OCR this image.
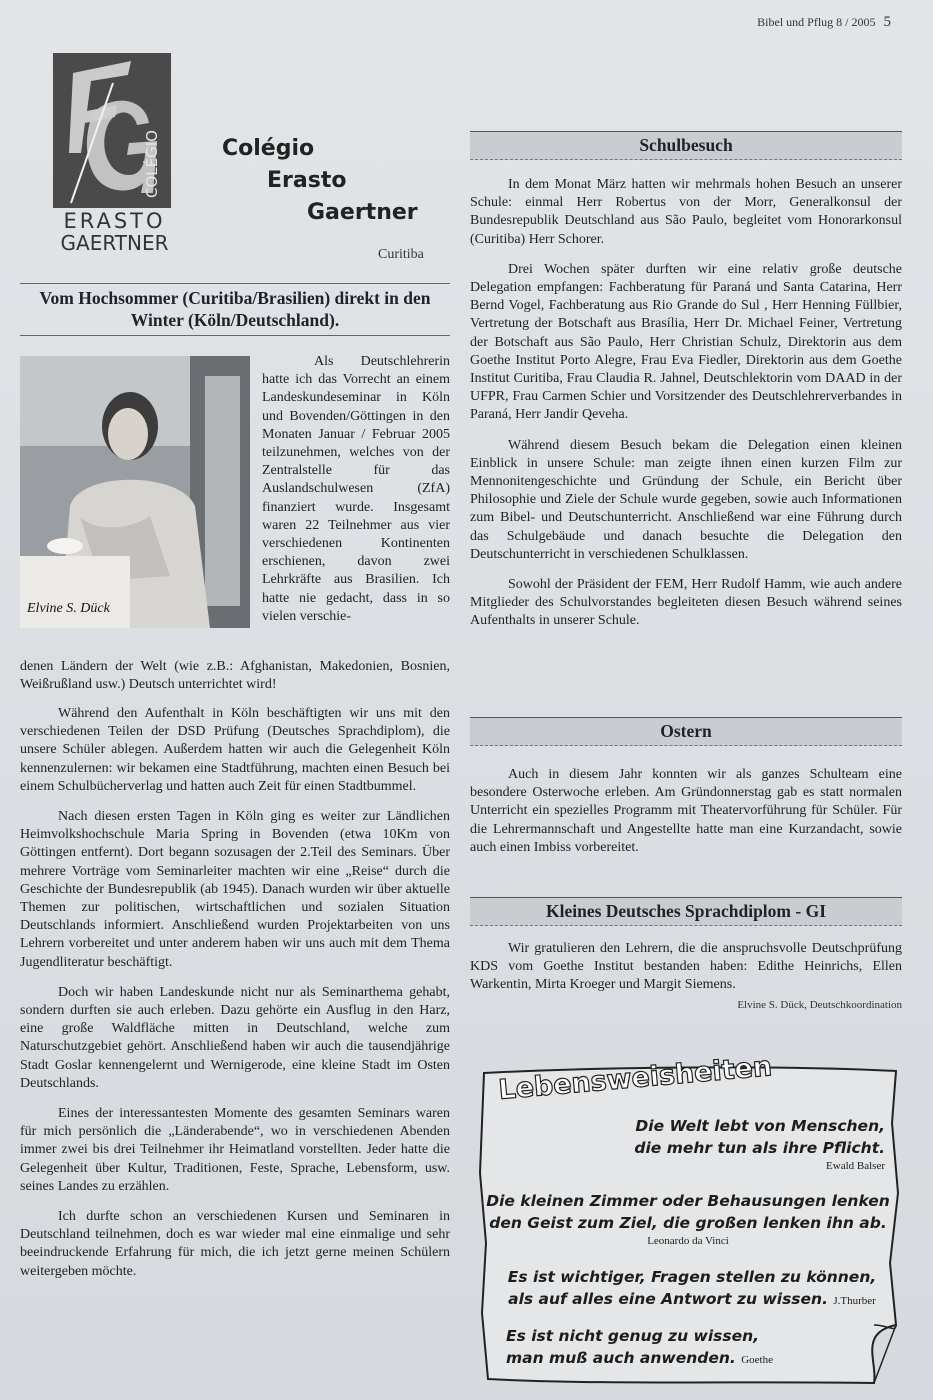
Bibel und Pflug 8 / 2005 5
COLÉGIO
ERASTO
GAERTNER
Colégio
Erasto
Gaertner
Curitiba
Vom Hochsommer (Curitiba/Brasilien) direkt in den Winter (Köln/Deutschland).
Elvine S. Dück

Als Deutschlehrerin hatte ich das Vorrecht an einem Landeskundeseminar in Köln und Bovenden/Göttingen in den Monaten Januar / Februar 2005 teilzunehmen, welches von der Zentralstelle für das Auslandschulwesen (ZfA) finanziert wurde. Insgesamt waren 22 Teilnehmer aus vier verschiedenen Kontinenten erschienen, davon zwei Lehrkräfte aus Brasilien. Ich hatte nie gedacht, dass in so vielen verschie-

denen Ländern der Welt (wie z.B.: Afghanistan, Makedonien, Bosnien, Weißrußland usw.) Deutsch unterrichtet wird!

Während den Aufenthalt in Köln beschäftigten wir uns mit den verschiedenen Teilen der DSD Prüfung (Deutsches Sprachdiplom), die unsere Schüler ablegen. Außerdem hatten wir auch die Gelegenheit Köln kennenzulernen: wir bekamen eine Stadtführung, machten einen Besuch bei einem Schulbücherverlag und hatten auch Zeit für einen Stadtbummel.

Nach diesen ersten Tagen in Köln ging es weiter zur Ländlichen Heimvolkshochschule Maria Spring in Bovenden (etwa 10Km von Göttingen entfernt). Dort begann sozusagen der 2.Teil des Seminars. Über mehrere Vorträge vom Seminarleiter machten wir eine „Reise“ durch die Geschichte der Bundesrepublik (ab 1945). Danach wurden wir über aktuelle Themen zur politischen, wirtschaftlichen und sozialen Situation Deutschlands informiert. Anschließend wurden Projektarbeiten von uns Lehrern vorbereitet und unter anderem haben wir uns auch mit dem Thema Jugendliteratur beschäftigt.

Doch wir haben Landeskunde nicht nur als Seminarthema gehabt, sondern durften sie auch erleben. Dazu gehörte ein Ausflug in den Harz, eine große Waldfläche mitten in Deutschland, welche zum Naturschutzgebiet gehört. Anschließend haben wir auch die tausendjährige Stadt Goslar kennengelernt und Wernigerode, eine kleine Stadt im Osten Deutschlands.

Eines der interessantesten Momente des gesamten Seminars waren für mich persönlich die „Länderabende“, wo in verschiedenen Abenden immer zwei bis drei Teilnehmer ihr Heimatland vorstellten. Jeder hatte die Gelegenheit über Kultur, Traditionen, Feste, Sprache, Lebensform, usw. seines Landes zu erzählen.

Ich durfte schon an verschiedenen Kursen und Seminaren in Deutschland teilnehmen, doch es war wieder mal eine einmalige und sehr beeindruckende Erfahrung für mich, die ich jetzt gerne meinen Schülern weitergeben möchte.

Schulbesuch

In dem Monat März hatten wir mehrmals hohen Besuch an unserer Schule: einmal Herr Robertus von der Morr, Generalkonsul der Bundesrepublik Deutschland aus São Paulo, begleitet vom Honorarkonsul (Curitiba) Herr Schorer.

Drei Wochen später durften wir eine relativ große deutsche Delegation empfangen: Fachberatung für Paraná und Santa Catarina, Herr Bernd Vogel, Fachberatung aus Rio Grande do Sul , Herr Henning Füllbier, Vertretung der Botschaft aus Brasília, Herr Dr. Michael Feiner, Vertretung der Botschaft aus São Paulo, Herr Christian Schulz, Direktorin aus dem Goethe Institut Porto Alegre, Frau Eva Fiedler, Direktorin aus dem Goethe Institut Curitiba, Frau Claudia R. Jahnel, Deutschlektorin vom DAAD in der UFPR, Frau Carmen Schier und Vorsitzender des Deutschlehrerverbandes in Paraná, Herr Jandir Qeveha.

Während diesem Besuch bekam die Delegation einen kleinen Einblick in unsere Schule: man zeigte ihnen einen kurzen Film zur Mennonitengeschichte und Gründung der Schule, ein Bericht über Philosophie und Ziele der Schule wurde gegeben, sowie auch Informationen zum Bibel- und Deutschunterricht. Anschließend war eine Führung durch das Schulgebäude und danach besuchte die Delegation den Deutschunterricht in verschiedenen Schulklassen.

Sowohl der Präsident der FEM, Herr Rudolf Hamm, wie auch andere Mitglieder des Schulvorstandes begleiteten diesen Besuch während seines Aufenthalts in unserer Schule.

Ostern

Auch in diesem Jahr konnten wir als ganzes Schulteam eine besondere Osterwoche erleben. Am Gründonnerstag gab es statt normalen Unterricht ein spezielles Programm mit Theatervorführung für Schüler. Für die Lehrermannschaft und Angestellte hatte man eine Kurzandacht, sowie auch einen Imbiss vorbereitet.

Kleines Deutsches Sprachdiplom - GI

Wir gratulieren den Lehrern, die die anspruchsvolle Deutschprüfung KDS vom Goethe Institut bestanden haben: Edithe Heinrichs, Ellen Warkentin, Mirta Kroeger und Margit Siemens.

Elvine S. Dück, Deutschkoordination
Lebensweisheiten
Die Welt lebt von Menschen,
die mehr tun als ihre Pflicht.
Ewald Balser
Die kleinen Zimmer oder Behausungen lenken
den Geist zum Ziel, die großen lenken ihn ab.
Leonardo da Vinci
Es ist wichtiger, Fragen stellen zu können,
als auf alles eine Antwort zu wissen. J.Thurber
Es ist nicht genug zu wissen,
man muß auch anwenden. Goethe
